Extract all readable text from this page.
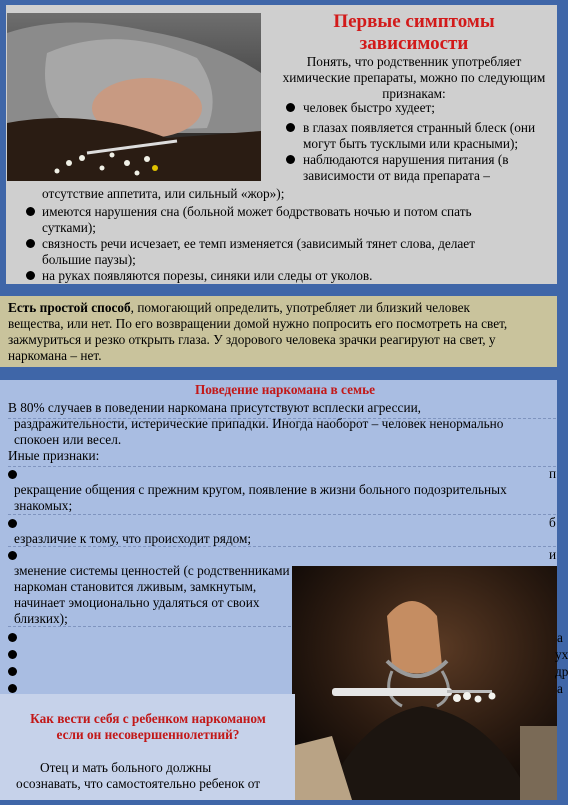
Первые симптомы
зависимости
Понять, что родственник употребляет
химические препараты, можно по следующим
признакам:
человек быстро худеет;
в глазах появляется странный блеск (они
могут быть тусклыми или красными);
наблюдаются нарушения питания (в
зависимости от вида препарата –
отсутствие аппетита, или сильный «жор»);
имеются нарушения сна (больной может бодрствовать ночью и потом спать
сутками);
связность речи исчезает, ее темп изменяется (зависимый тянет слова, делает
большие паузы);
на руках появляются порезы, синяки или следы от уколов.
Есть простой способ, помогающий определить, употребляет ли близкий человек
вещества, или нет. По его возвращении домой нужно попросить его посмотреть на свет,
зажмуриться и резко открыть глаза. У здорового человека зрачки реагируют на свет, у
наркомана – нет.
Поведение наркомана в семье
В 80% случаев в поведении наркомана присутствуют всплески агрессии,
раздражительности, истерические припадки. Иногда наоборот – человек ненормально
спокоен или весел.
Иные признаки:
п
рекращение общения с прежним кругом, появление в жизни больного подозрительных
знакомых;
б
езразличие к тому, что происходит рядом;
и
зменение системы ценностей (с родственниками
наркоман становится лживым, замкнутым,
начинает эмоционально удаляться от своих
близких);
Как вести себя с ребенком наркоманом
если он несовершеннолетний?
Отец и мать больного должны
осознавать, что самостоятельно ребенок от
а
ух
др
а
